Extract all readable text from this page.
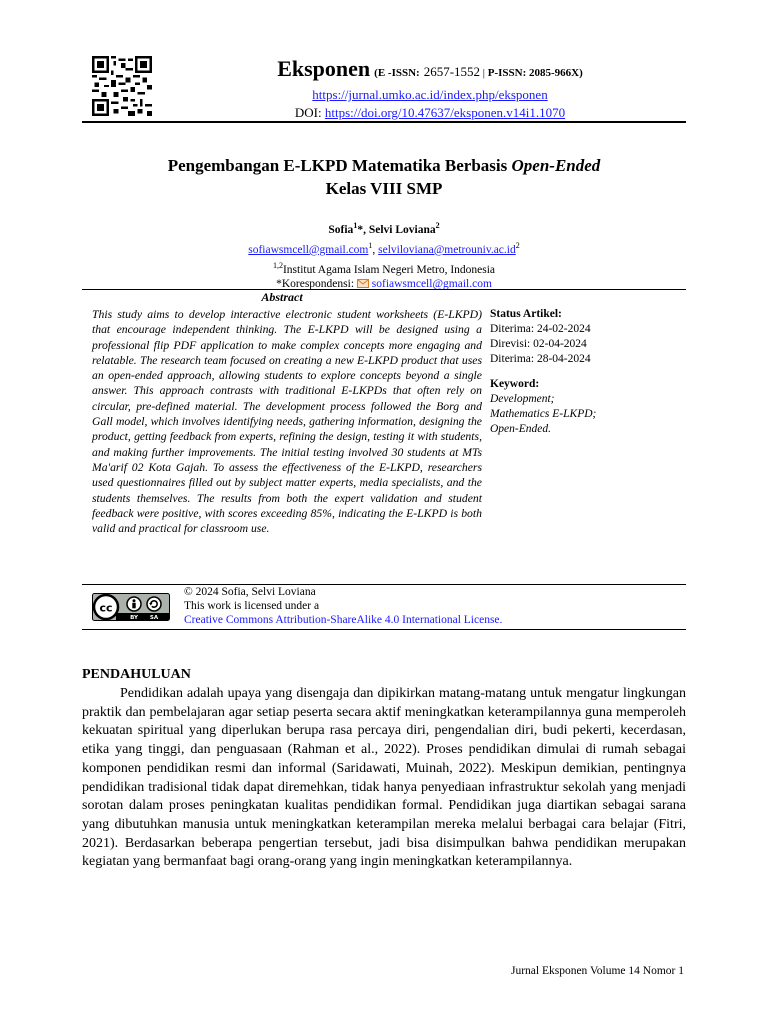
Eksponen (E -ISSN: 2657-1552 | P-ISSN: 2085-966X)
https://jurnal.umko.ac.id/index.php/eksponen
DOI: https://doi.org/10.47637/eksponen.v14i1.1070
Pengembangan E-LKPD Matematika Berbasis Open-Ended
Kelas VIII SMP
Sofia$^1$*, Selvi Loviana$^2$
sofiawsmcell@gmail.com$^1$, $selviloviana@metrouniv.ac.id^2$
$^{1,2}$Institut Agama Islam Negeri Metro, Indonesia
*Korespondensi: sofiawsmcell@gmail.com
Abstract
This study aims to develop interactive electronic student worksheets (E-LKPD) that encourage independent thinking. The E-LKPD will be designed using a professional flip PDF application to make complex concepts more engaging and relatable. The research team focused on creating a new E-LKPD product that uses an open-ended approach, allowing students to explore concepts beyond a single answer. This approach contrasts with traditional E-LKPDs that often rely on circular, pre-defined material. The development process followed the Borg and Gall model, which involves identifying needs, gathering information, designing the product, getting feedback from experts, refining the design, testing it with students, and making further improvements. The initial testing involved 30 students at MTs Ma'arif 02 Kota Gajah. To assess the effectiveness of the E-LKPD, researchers used questionnaires filled out by subject matter experts, media specialists, and the students themselves. The results from both the expert validation and student feedback were positive, with scores exceeding 85%, indicating the E-LKPD is both valid and practical for classroom use.
Status Artikel:
Diterima: 24-02-2024
Direvisi: 02-04-2024
Diterima: 28-04-2024
Keyword:
Development;
Mathematics E-LKPD;
Open-Ended.
cc
BY SA
© 2024 Sofia, Selvi Loviana
This work is licensed under a
Creative Commons Attribution-ShareAlike 4.0 International License.
PENDAHULUAN

Pendidikan adalah upaya yang disengaja dan dipikirkan matang-matang untuk mengatur lingkungan praktik dan pembelajaran agar setiap peserta secara aktif meningkatkan keterampilannya guna memperoleh kekuatan spiritual yang diperlukan berupa rasa percaya diri, pengendalian diri, budi pekerti, kecerdasan, etika yang tinggi, dan penguasaan (Rahman et al., 2022). Proses pendidikan dimulai di rumah sebagai komponen pendidikan resmi dan informal (Saridawati, Muinah, 2022). Meskipun demikian, pentingnya pendidikan tradisional tidak dapat diremehkan, tidak hanya penyediaan infrastruktur sekolah yang menjadi sorotan dalam proses peningkatan kualitas pendidikan formal. Pendidikan juga diartikan sebagai sarana yang dibutuhkan manusia untuk meningkatkan keterampilan mereka melalui berbagai cara belajar (Fitri, 2021). Berdasarkan beberapa pengertian tersebut, jadi bisa disimpulkan bahwa pendidikan merupakan kegiatan yang bermanfaat bagi orang-orang yang ingin meningkatkan keterampilannya.

Jurnal Eksponen Volume 14 Nomor 1
